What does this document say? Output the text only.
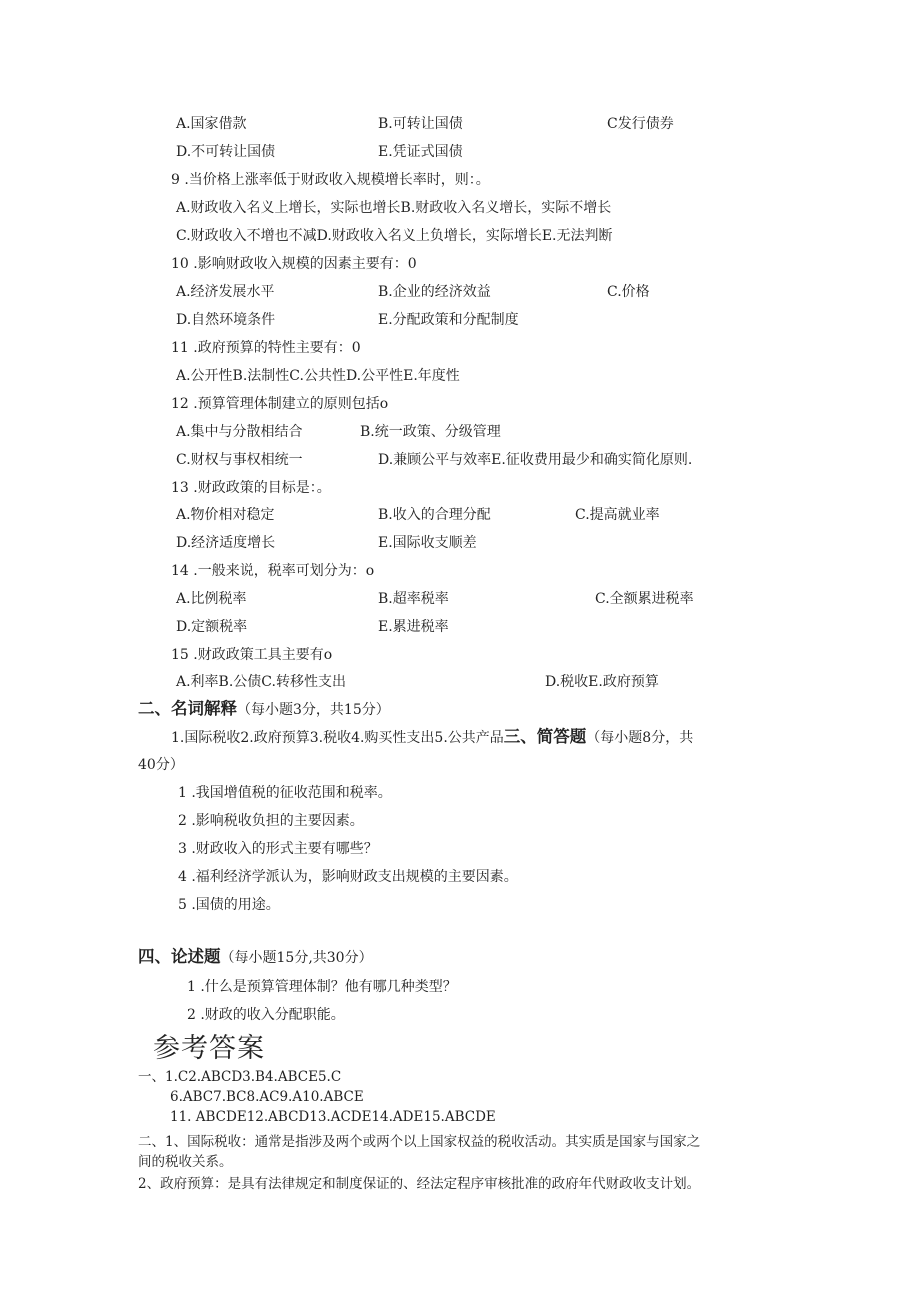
A.国家借款	B.可转让国债	C发行债券
D.不可转让国债	E.凭证式国债
9 .当价格上涨率低于财政收入规模增长率时，则：。
A.财政收入名义上增长，实际也增长B.财政收入名义增长，实际不增长
C.财政收入不增也不减D.财政收入名义上负增长，实际增长E.无法判断
10 .影响财政收入规模的因素主要有：0
A.经济发展水平	B.企业的经济效益	C.价格
D.自然环境条件	E.分配政策和分配制度
11 .政府预算的特性主要有：0
A.公开性B.法制性C.公共性D.公平性E.年度性
12 .预算管理体制建立的原则包括o
A.集中与分散相结合	B.统一政策、分级管理
C.财权与事权相统一	D.兼顾公平与效率E.征收费用最少和确实简化原则.
13 .财政政策的目标是：。
A.物价相对稳定	B.收入的合理分配	C.提高就业率
D.经济适度增长	E.国际收支顺差
14 .一般来说，税率可划分为：o
A.比例税率	B.超率税率	C.全额累进税率
D.定额税率	E.累进税率
15 .财政政策工具主要有o
A.利率B.公债C.转移性支出	D.税收E.政府预算
二、名词解释（每小题3分，共15分）
1.国际税收2.政府预算3.税收4.购买性支出5.公共产品三、简答题（每小题8分，共
40分）
1 .我国增值税的征收范围和税率。
2 .影响税收负担的主要因素。
3 .财政收入的形式主要有哪些？
4 .福利经济学派认为，影响财政支出规模的主要因素。
5 .国债的用途。
四、论述题（每小题15分,共30分）
1 .什么是预算管理体制？他有哪几种类型？
2 .财政的收入分配职能。
参考答案
一、1.C2.ABCD3.B4.ABCE5.C
6.ABC7.BC8.AC9.A10.ABCE
11. ABCDE12.ABCD13.ACDE14.ADE15.ABCDE
二、1、国际税收：通常是指涉及两个或两个以上国家权益的税收活动。其实质是国家与国家之
间的税收关系。
2、政府预算：是具有法律规定和制度保证的、经法定程序审核批准的政府年代财政收支计划。
